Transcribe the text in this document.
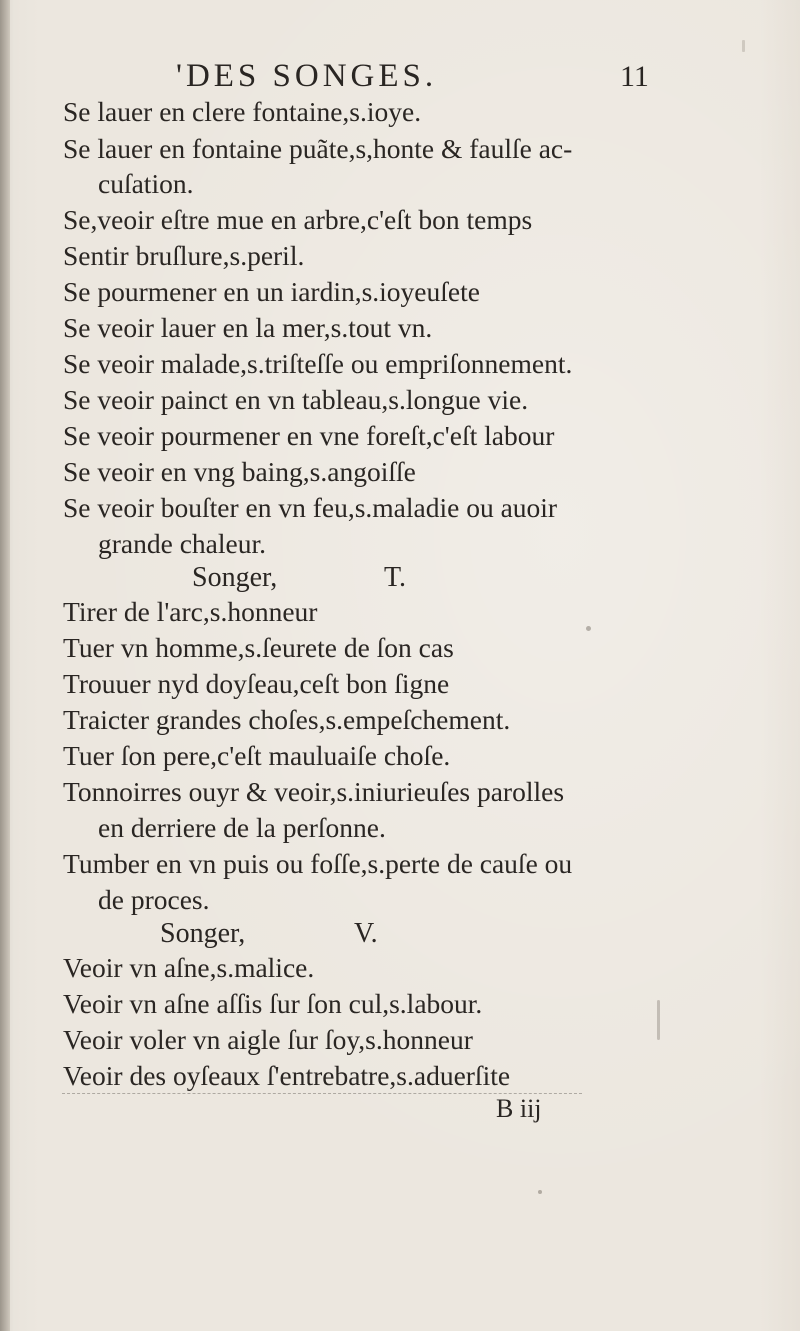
'DES SONGES.	11
Se lauer en clere fontaine,s.ioye.
Se lauer en fontaine puãte,s,honte & faulſe ac-
cuſation.
Se,veoir eſtre mue en arbre,c'eſt bon temps
Sentir bruſlure,s.peril.
Se pourmener en un iardin,s.ioyeuſete
Se veoir lauer en la mer,s.tout vn.
Se veoir malade,s.triſteſſe ou empriſonnement.
Se veoir painct en vn tableau,s.longue vie.
Se veoir pourmener en vne foreſt,c'eſt labour
Se veoir en vng baing,s.angoiſſe
Se veoir bouſter en vn feu,s.maladie ou auoir
grande chaleur.
Songer,	T.
Tirer de l'arc,s.honneur
Tuer vn homme,s.ſeurete de ſon cas
Trouuer nyd doyſeau,ceſt bon ſigne
Traicter grandes choſes,s.empeſchement.
Tuer ſon pere,c'eſt mauluaiſe choſe.
Tonnoirres ouyr & veoir,s.iniurieuſes parolles
en derriere de la perſonne.
Tumber en vn puis ou foſſe,s.perte de cauſe ou
de proces.
Songer,	V.
Veoir vn aſne,s.malice.
Veoir vn aſne aſſis ſur ſon cul,s.labour.
Veoir voler vn aigle ſur ſoy,s.honneur
Veoir des oyſeaux ſ'entrebatre,s.aduerſite
B iij
